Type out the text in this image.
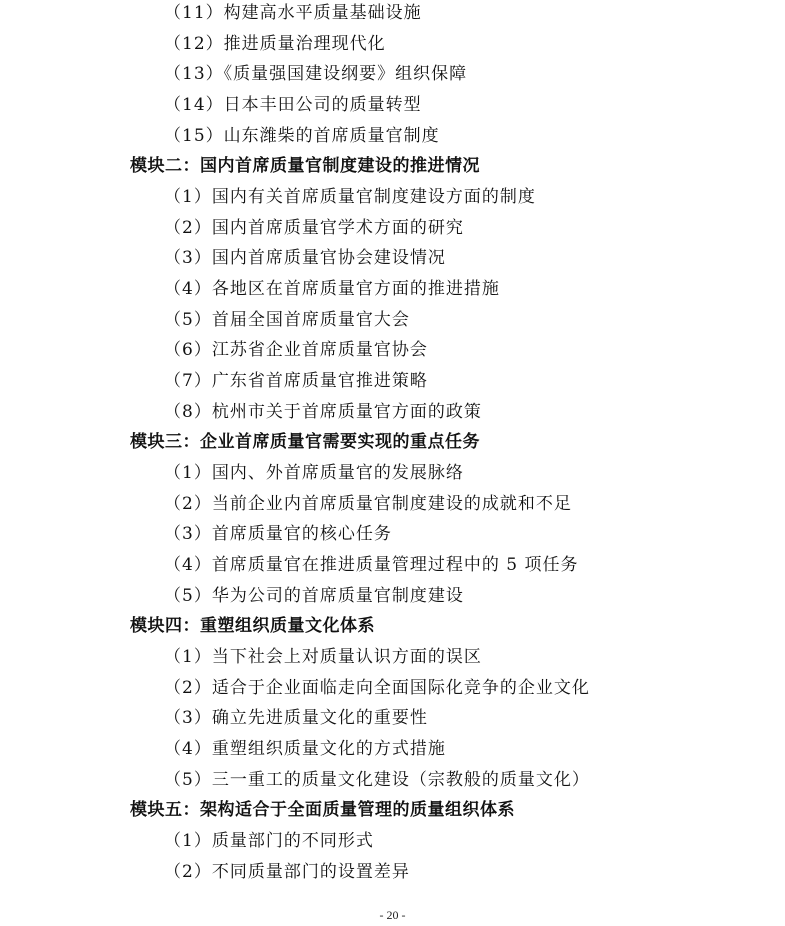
（11）构建高水平质量基础设施
（12）推进质量治理现代化
（13）《质量强国建设纲要》组织保障
（14）日本丰田公司的质量转型
（15）山东潍柴的首席质量官制度
模块二：国内首席质量官制度建设的推进情况
（1）国内有关首席质量官制度建设方面的制度
（2）国内首席质量官学术方面的研究
（3）国内首席质量官协会建设情况
（4）各地区在首席质量官方面的推进措施
（5）首届全国首席质量官大会
（6）江苏省企业首席质量官协会
（7）广东省首席质量官推进策略
（8）杭州市关于首席质量官方面的政策
模块三：企业首席质量官需要实现的重点任务
（1）国内、外首席质量官的发展脉络
（2）当前企业内首席质量官制度建设的成就和不足
（3）首席质量官的核心任务
（4）首席质量官在推进质量管理过程中的 5 项任务
（5）华为公司的首席质量官制度建设
模块四：重塑组织质量文化体系
（1）当下社会上对质量认识方面的误区
（2）适合于企业面临走向全面国际化竞争的企业文化
（3）确立先进质量文化的重要性
（4）重塑组织质量文化的方式措施
（5）三一重工的质量文化建设（宗教般的质量文化）
模块五：架构适合于全面质量管理的质量组织体系
（1）质量部门的不同形式
（2）不同质量部门的设置差异
- 20 -
